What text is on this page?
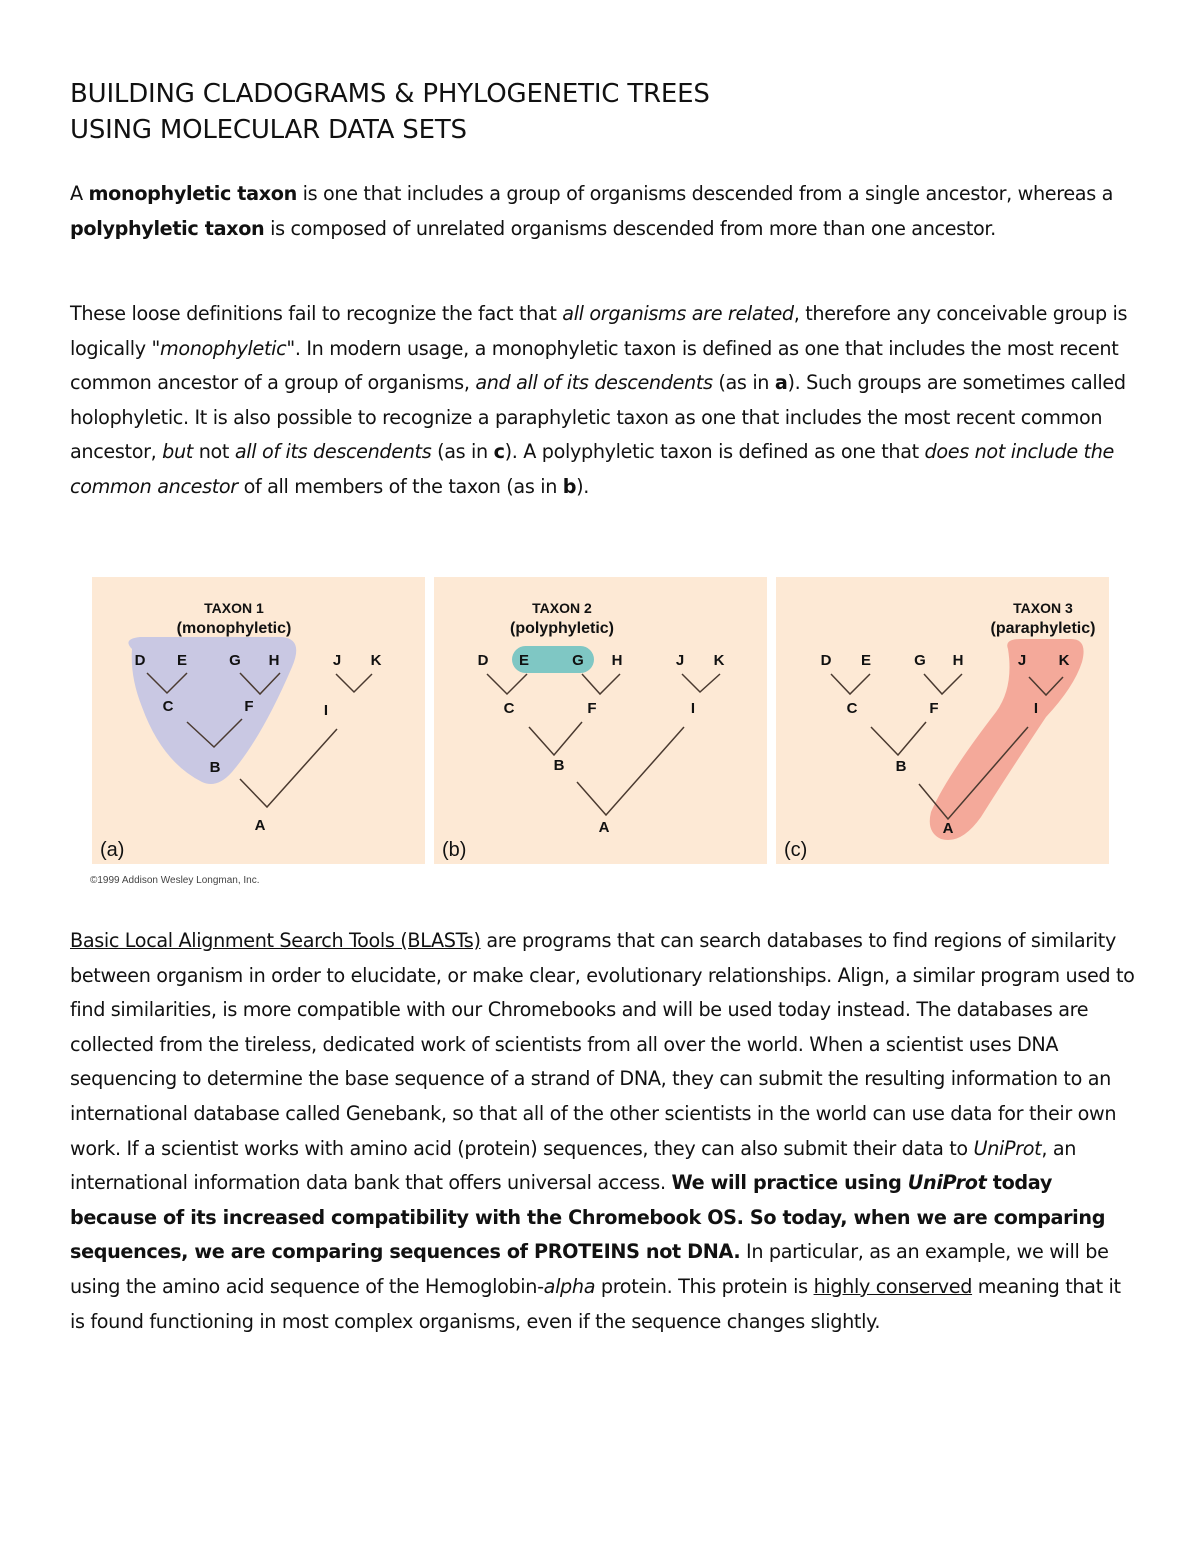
BUILDING CLADOGRAMS & PHYLOGENETIC TREES
USING MOLECULAR DATA SETS

A monophyletic taxon is one that includes a group of organisms descended from a single ancestor, whereas a polyphyletic taxon is composed of unrelated organisms descended from more than one ancestor.

These loose definitions fail to recognize the fact that all organisms are related, therefore any conceivable group is logically "monophyletic". In modern usage, a monophyletic taxon is defined as one that includes the most recent common ancestor of a group of organisms, and all of its descendents (as in a). Such groups are sometimes called holophyletic. It is also possible to recognize a paraphyletic taxon as one that includes the most recent common ancestor, but not all of its descendents (as in c). A polyphyletic taxon is defined as one that does not include the common ancestor of all members of the taxon (as in b).

TAXON 1
(monophyletic)
D E	G H	J K
C	F	I
B
A
(a)
TAXON 2
(polyphyletic)
D E	G H	J K
C	F	I
B
A
(b)
TAXON 3
(paraphyletic)
D E	G H	J K
C	F	I
B
A
(c)
©1999 Addison Wesley Longman, Inc.

Basic Local Alignment Search Tools (BLASTs) are programs that can search databases to find regions of similarity between organism in order to elucidate, or make clear, evolutionary relationships. Align, a similar program used to find similarities, is more compatible with our Chromebooks and will be used today instead. The databases are collected from the tireless, dedicated work of scientists from all over the world. When a scientist uses DNA sequencing to determine the base sequence of a strand of DNA, they can submit the resulting information to an international database called Genebank, so that all of the other scientists in the world can use data for their own work. If a scientist works with amino acid (protein) sequences, they can also submit their data to UniProt, an international information data bank that offers universal access. We will practice using UniProt today because of its increased compatibility with the Chromebook OS. So today, when we are comparing sequences, we are comparing sequences of PROTEINS not DNA. In particular, as an example, we will be using the amino acid sequence of the Hemoglobin-alpha protein. This protein is highly conserved meaning that it is found functioning in most complex organisms, even if the sequence changes slightly.
